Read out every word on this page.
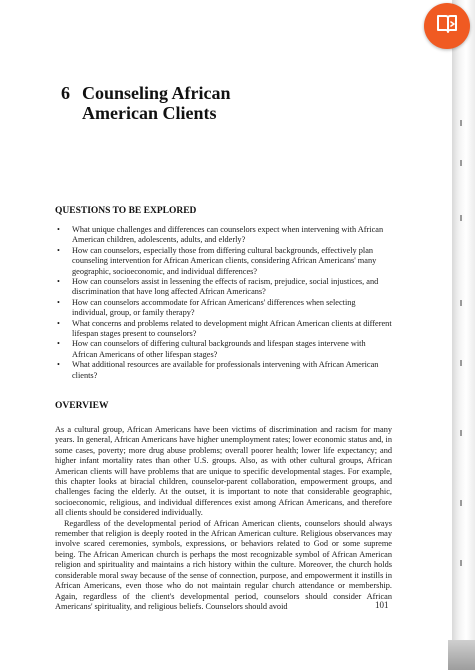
6 Counseling African
American Clients
QUESTIONS TO BE EXPLORED
• What unique challenges and differences can counselors expect when intervening with African American children, adolescents, adults, and elderly?
• How can counselors, especially those from differing cultural backgrounds, effectively plan counseling intervention for African American clients, considering African Americans' many geographic, socioeconomic, and individual differences?
• How can counselors assist in lessening the effects of racism, prejudice, social injustices, and discrimination that have long affected African Americans?
• How can counselors accommodate for African Americans' differences when selecting individual, group, or family therapy?
• What concerns and problems related to development might African American clients at different lifespan stages present to counselors?
• How can counselors of differing cultural backgrounds and lifespan stages intervene with African Americans of other lifespan stages?
• What additional resources are available for professionals intervening with African American clients?
OVERVIEW

As a cultural group, African Americans have been victims of discrimination and racism for many years. In general, African Americans have higher unemployment rates; lower economic status and, in some cases, poverty; more drug abuse problems; overall poorer health; lower life expectancy; and higher infant mortality rates than other U.S. groups. Also, as with other cultural groups, African American clients will have problems that are unique to specific developmental stages. For example, this chapter looks at biracial children, counselor-parent collaboration, empowerment groups, and challenges facing the elderly. At the outset, it is important to note that considerable geographic, socioeconomic, religious, and individual differences exist among African Americans, and therefore all clients should be considered individually.

Regardless of the developmental period of African American clients, counselors should always remember that religion is deeply rooted in the African American culture. Religious observances may involve scared ceremonies, symbols, expressions, or behaviors related to God or some supreme being. The African American church is perhaps the most recognizable symbol of African American religion and spirituality and maintains a rich history within the culture. Moreover, the church holds considerable moral sway because of the sense of connection, purpose, and empowerment it instills in African Americans, even those who do not maintain regular church attendance or membership. Again, regardless of the client's developmental period, counselors should consider African Americans' spirituality, and religious beliefs. Counselors should avoid	101
